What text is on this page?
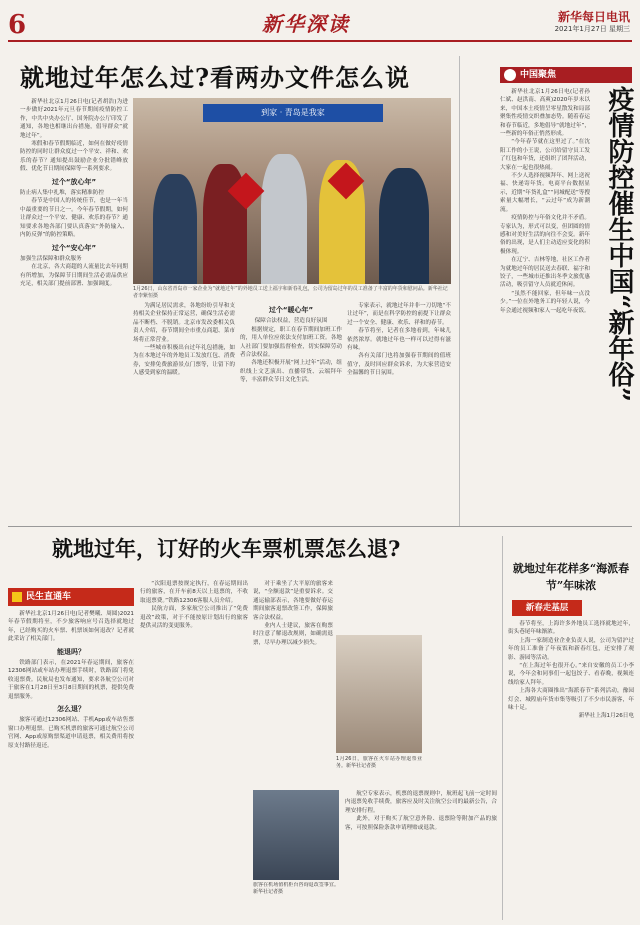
6	新华深读	新华每日电讯
2021年1月27日 星期三
就地过年怎么过?看两办文件怎么说

新华社北京1月26日电(记者胡浩)为进一步做好2021年元旦春节期间疫情防控工作，中共中央办公厅、国务院办公厅印发了通知，各地也相继出台措施，倡导群众“就地过年”。

寒假和春节假期临近，如何在做好疫情防控的同时让群众度过一个平安、祥和、欢乐的春节？通知提出鼓励企业分批错峰放假、优化节日期间保障等一系列要求。

过个“放心年”
防止病人集中扎堆，落实精准防控

春节是中国人的传统佳节，也是一年当中最重要的节日之一。今年春节假期，如何让群众过一个平安、健康、欢乐的春节？通知要求各地各部门要认真落实“外防输入、内防反弹”的防控策略。

过个“安心年”
加强生活保障和群众服务

在北京，各大商超的人流量比去年同期有所增加，为保障节日期间生活必需品供应充足，相关部门提前部署、加强调度。

到家 · 青岛是我家
1月26日，山东省青岛市一家企业为“就地过年”的外地员工送上福字和新春礼包，公司为留岛过年的员工准备了丰富的年货和慰问品。新华社记者李紫恒摄

为满足居民需求，各地纷纷引导和支持相关企业保持正常运营，确保生活必需品不断档、不脱销。北京市发改委相关负责人介绍，春节期间全市重点商超、菜市场将正常营业。

一些城市积极出台过年礼包措施，如为在本地过年的外地员工发放红包、消费券，安排免费旅游景点门票等，让留下的人感受到家的温暖。

过个“暖心年”
保障合法权益，营造良好氛围

根据规定，职工在春节期间加班工作的，用人单位应依法支付加班工资。各地人社部门要加强监督检查，切实保障劳动者合法权益。

各地还积极开展“网上过年”活动，组织线上文艺演出、直播带货、云端拜年等，丰富群众节日文化生活。

专家表示，就地过年并非一刀切地“不让过年”，而是在科学防控的前提下让群众过一个安全、健康、欢乐、祥和的春节。

春节将至，记者在多地看到，年味儿依然浓厚。就地过年也一样可以过得有滋有味。

各有关部门也将加强春节期间的值班值守，及时回应群众诉求，为大家营造安全温馨的节日氛围。

中国聚焦
疫情防控催生中国“新年俗”

新华社北京1月26日电(记者孙仁斌、赵洪南、高爽)2020年岁末以来，中国本土疫情呈零星散发和局部聚集性疫情交织叠加态势。随着春运和春节临近，多地倡导“就地过年”，一些新的年俗正悄然形成。

“今年春节就在这里过了。”在沈阳工作的小王说，公司给留守员工发了红包和年货，还组织了团拜活动，大家在一起也很热闹。

不少人选择视频拜年、网上送祝福、快递寄年货。电商平台数据显示，近期“年货礼盒”“同城配送”等搜索量大幅增长，“云过年”成为新潮流。

疫情防控与年俗文化并不矛盾。专家认为，形式可以变，但团圆的情感和对美好生活的向往不会变。新年俗的出现，是人们主动适应变化的积极体现。

在辽宁、吉林等地，社区工作者为就地过年的居民送去春联、福字和饺子，一些城市还推出冬季文旅优惠活动，吸引留守人员就近休闲。

“虽然不能回家，但年味一点没少。”一位在外地务工的年轻人说，今年会通过视频和家人一起吃年夜饭。

就地过年，订好的火车票机票怎么退?
民生直通车

新华社北京1月26日电(记者樊曦、周圆)2021年春节假期将至，不少旅客响应号召选择就地过年，已经购买的火车票、机票该如何退改？记者就此采访了相关部门。

能退吗？

铁路部门表示，在2021年春运期间，旅客在12306网站或车站办理退票手续时，铁路部门将免收退票费。民航局也发布通知，要求各航空公司对于旅客在1月28日至3月8日期间的机票，提供免费退票服务。

怎么退？

旅客可通过12306网站、手机App或车站售票窗口办理退票。已购买机票的旅客可通过航空公司官网、App或原购票渠道申请退票，相关费用将按原支付路径返还。

“次阳退票按规定执行，在春运期间出行的旅客，在开车前8天以上退票的，不收取退票费。”铁路12306客服人员介绍。

民航方面，多家航空公司推出了“免费退改”政策，对于不能按原计划出行的旅客提供灵活的变更服务。

对于乘坐了大平原的旅客来说，“全额退款”是重要诉求。交通运输部表示，各地要做好春运期间旅客退票改签工作，保障旅客合法权益。

业内人士建议，旅客在购票时注意了解退改规则，如确需退票，尽早办理以减少损失。

1月26日，旅客在火车站办理退票业务。新华社记者摄
旅客在机场值机柜台咨询退改签事宜。新华社记者摄

航空专家表示，机票的退票规则中，航班起飞前一定时间内退票免收手续费，旅客应及时关注航空公司的最新公告，合理安排行程。

此外，对于购买了航空意外险、退票险等附加产品的旅客，可按照保险条款申请理赔或退款。

就地过年花样多“海派春节”年味浓
新春走基层

春节将至，上海许多外地员工选择就地过年，街头巷尾年味渐浓。

上海一家制造业企业负责人说，公司为留沪过年的员工准备了年夜饭和新春红包，还安排了观影、游园等活动。

“在上海过年也很开心。”来自安徽的员工小李说，今年会和同事们一起包饺子、看春晚，视频连线给家人拜年。

上海各大商圈推出“海派春节”系列活动，豫园灯会、城隍庙年货市集等吸引了不少市民游客，年味十足。

新华社上海1月26日电
